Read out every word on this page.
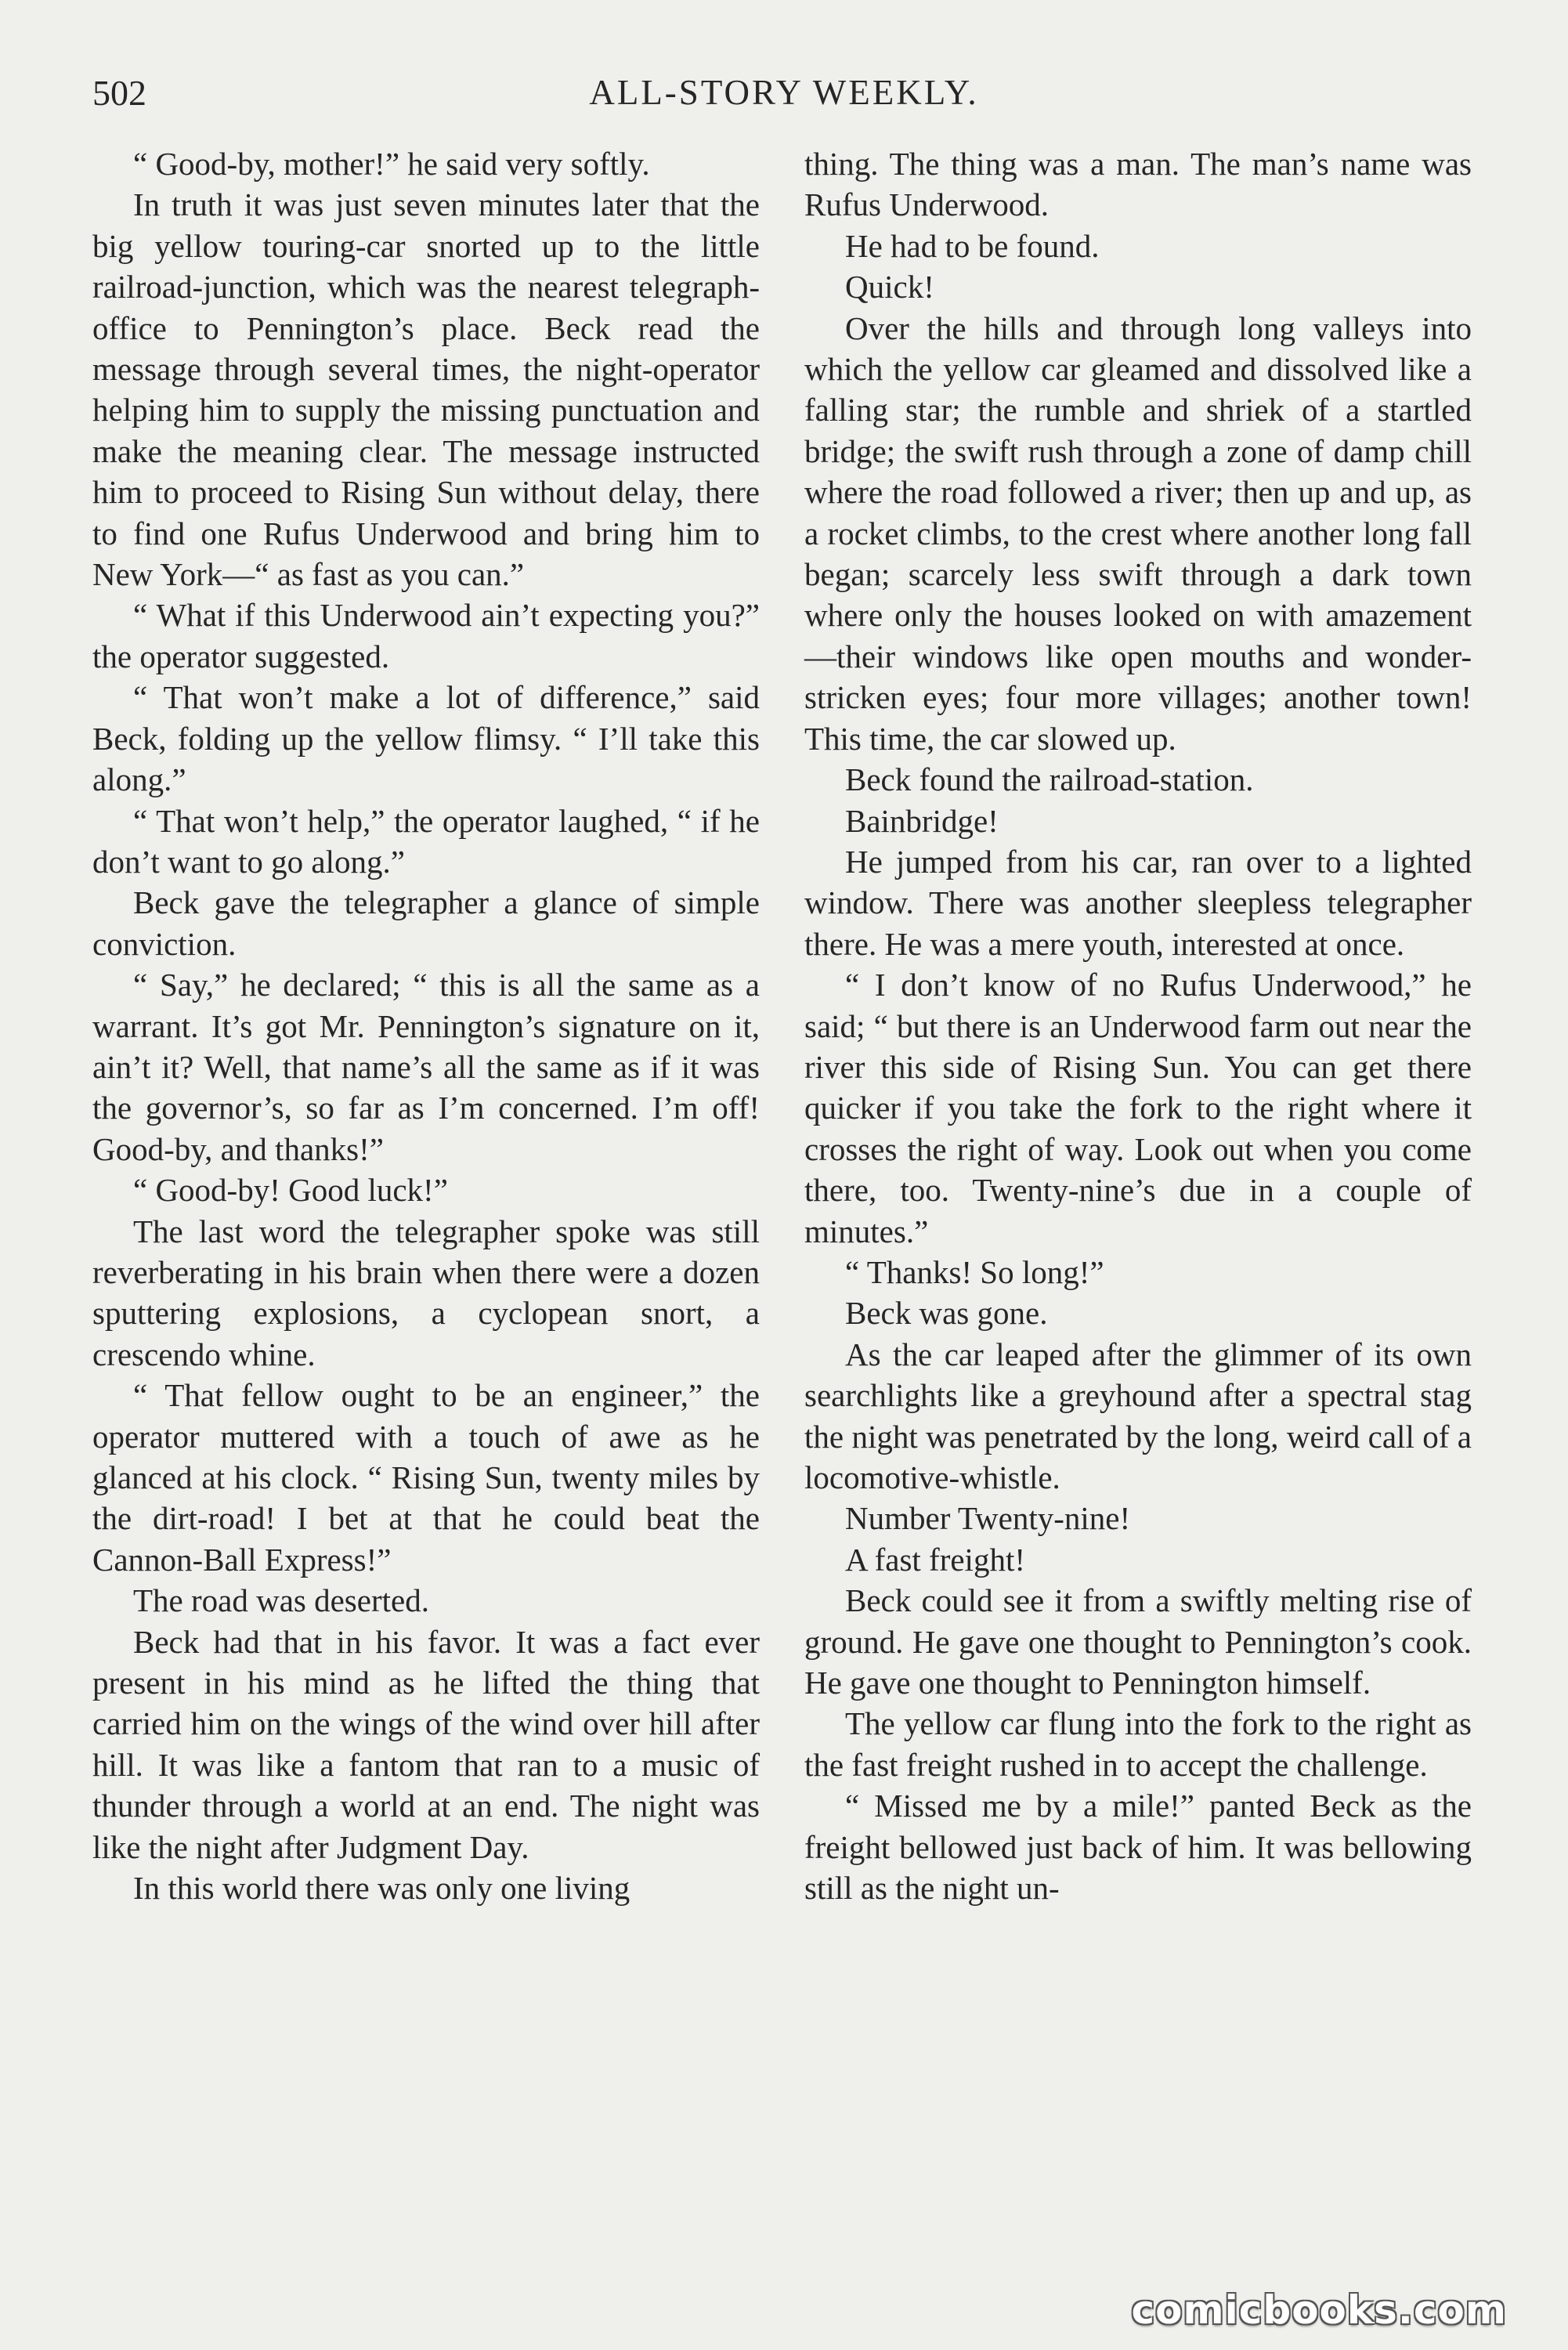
502	ALL-STORY WEEKLY.

“ Good-by, mother!” he said very softly.

In truth it was just seven minutes later that the big yellow touring-car snorted up to the little railroad-junction, which was the nearest telegraph-office to Pennington’s place. Beck read the message through several times, the night-operator helping him to supply the missing punctuation and make the meaning clear. The message instructed him to proceed to Rising Sun without delay, there to find one Rufus Underwood and bring him to New York—“ as fast as you can.”

“ What if this Underwood ain’t expecting you?” the operator suggested.

“ That won’t make a lot of difference,” said Beck, folding up the yellow flimsy. “ I’ll take this along.”

“ That won’t help,” the operator laughed, “ if he don’t want to go along.”

Beck gave the telegrapher a glance of simple conviction.

“ Say,” he declared; “ this is all the same as a warrant. It’s got Mr. Pennington’s signature on it, ain’t it? Well, that name’s all the same as if it was the governor’s, so far as I’m concerned. I’m off! Good-by, and thanks!”

“ Good-by! Good luck!”

The last word the telegrapher spoke was still reverberating in his brain when there were a dozen sputtering explosions, a cyclopean snort, a crescendo whine.

“ That fellow ought to be an engineer,” the operator muttered with a touch of awe as he glanced at his clock. “ Rising Sun, twenty miles by the dirt-road! I bet at that he could beat the Cannon-Ball Express!”

The road was deserted.

Beck had that in his favor. It was a fact ever present in his mind as he lifted the thing that carried him on the wings of the wind over hill after hill. It was like a fantom that ran to a music of thunder through a world at an end. The night was like the night after Judgment Day.

In this world there was only one living

thing. The thing was a man. The man’s name was Rufus Underwood.

He had to be found.

Quick!

Over the hills and through long valleys into which the yellow car gleamed and dissolved like a falling star; the rumble and shriek of a startled bridge; the swift rush through a zone of damp chill where the road followed a river; then up and up, as a rocket climbs, to the crest where another long fall began; scarcely less swift through a dark town where only the houses looked on with amazement—their windows like open mouths and wonder-stricken eyes; four more villages; another town! This time, the car slowed up.

Beck found the railroad-station.

Bainbridge!

He jumped from his car, ran over to a lighted window. There was another sleepless telegrapher there. He was a mere youth, interested at once.

“ I don’t know of no Rufus Underwood,” he said; “ but there is an Underwood farm out near the river this side of Rising Sun. You can get there quicker if you take the fork to the right where it crosses the right of way. Look out when you come there, too. Twenty-nine’s due in a couple of minutes.”

“ Thanks! So long!”

Beck was gone.

As the car leaped after the glimmer of its own searchlights like a greyhound after a spectral stag the night was penetrated by the long, weird call of a locomotive-whistle.

Number Twenty-nine!

A fast freight!

Beck could see it from a swiftly melting rise of ground. He gave one thought to Pennington’s cook. He gave one thought to Pennington himself.

The yellow car flung into the fork to the right as the fast freight rushed in to accept the challenge.

“ Missed me by a mile!” panted Beck as the freight bellowed just back of him. It was bellowing still as the night un-

comicbooks.com
